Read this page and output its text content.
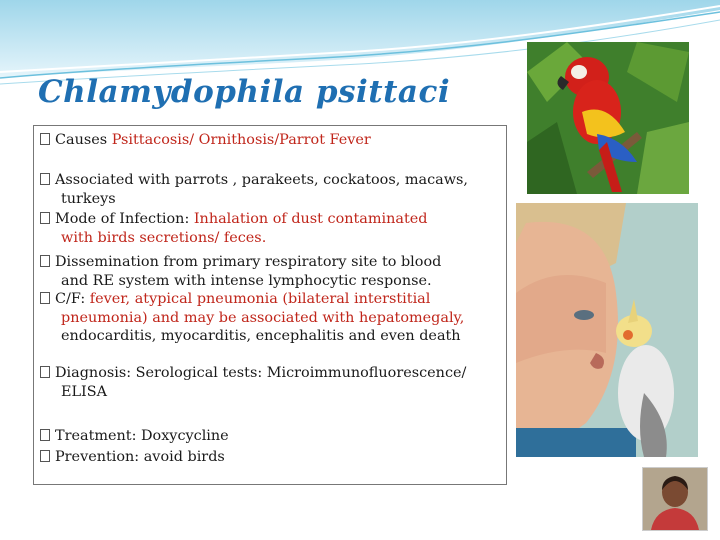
Chlamydophila psittaci
Causes Psittacosis/ Ornithosis/Parrot Fever
Associated with parrots , parakeets, cockatoos, macaws,
turkeys
Mode of Infection: Inhalation of dust contaminated
with birds secretions/ feces.
Dissemination from primary respiratory site to blood
and RE system with intense lymphocytic response.
C/F: fever, atypical pneumonia (bilateral interstitial
pneumonia) and may be associated with hepatomegaly,
endocarditis, myocarditis, encephalitis and even death
Diagnosis: Serological tests: Microimmunofluorescence/
ELISA
Treatment: Doxycycline
Prevention: avoid birds
